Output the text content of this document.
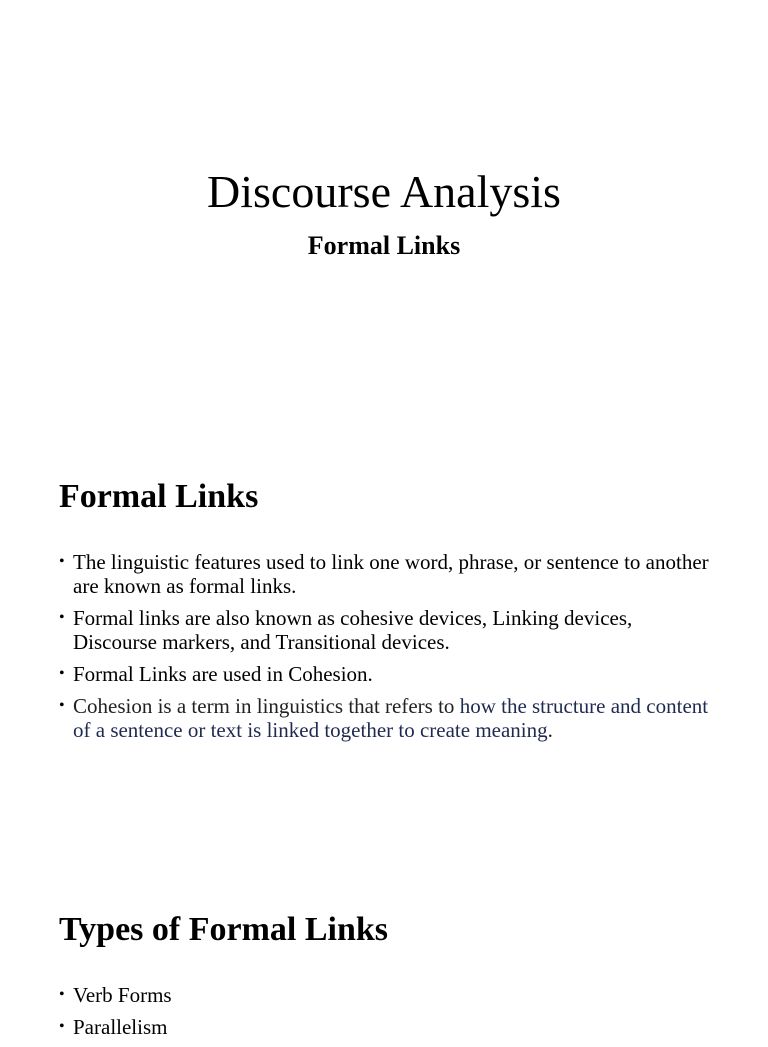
Discourse Analysis
Formal Links
Formal Links
• The linguistic features used to link one word, phrase, or sentence to another are known as formal links.
• Formal links are also known as cohesive devices, Linking devices, Discourse markers, and Transitional devices.
• Formal Links are used in Cohesion.
• Cohesion is a term in linguistics that refers to how the structure and content of a sentence or text is linked together to create meaning.
Types of Formal Links
• Verb Forms
• Parallelism
